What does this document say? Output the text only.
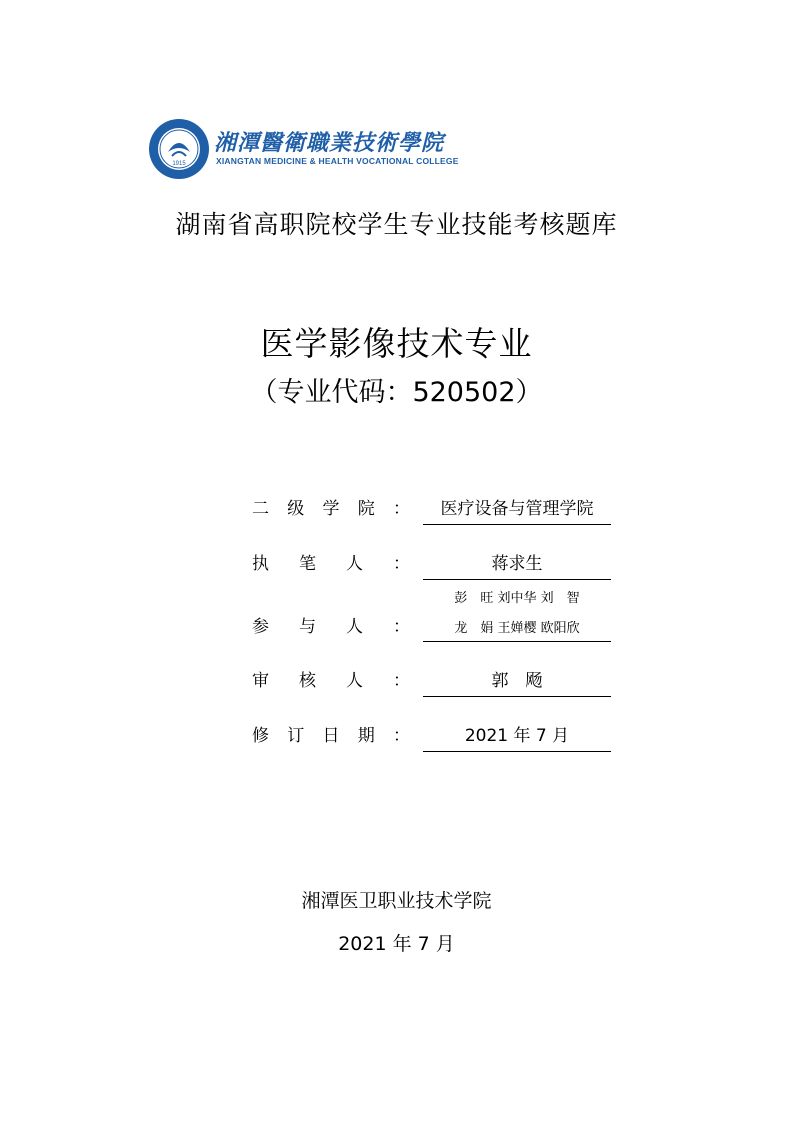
1915
湘潭醫衛職業技術學院
XIANGTAN MEDICINE & HEALTH VOCATIONAL COLLEGE
湖南省高职院校学生专业技能考核题库
医学影像技术专业
（专业代码：520502）
二 级 学 院 ：	医疗设备与管理学院
执 笔 人 ：	蒋求生
参 与 人 ：
彭　旺 刘中华 刘　智
龙　娟 王婵樱 欧阳欣
审 核 人 ：	郭　飏
修 订 日 期 ：	2021 年 7 月
湘潭医卫职业技术学院
2021 年 7 月
